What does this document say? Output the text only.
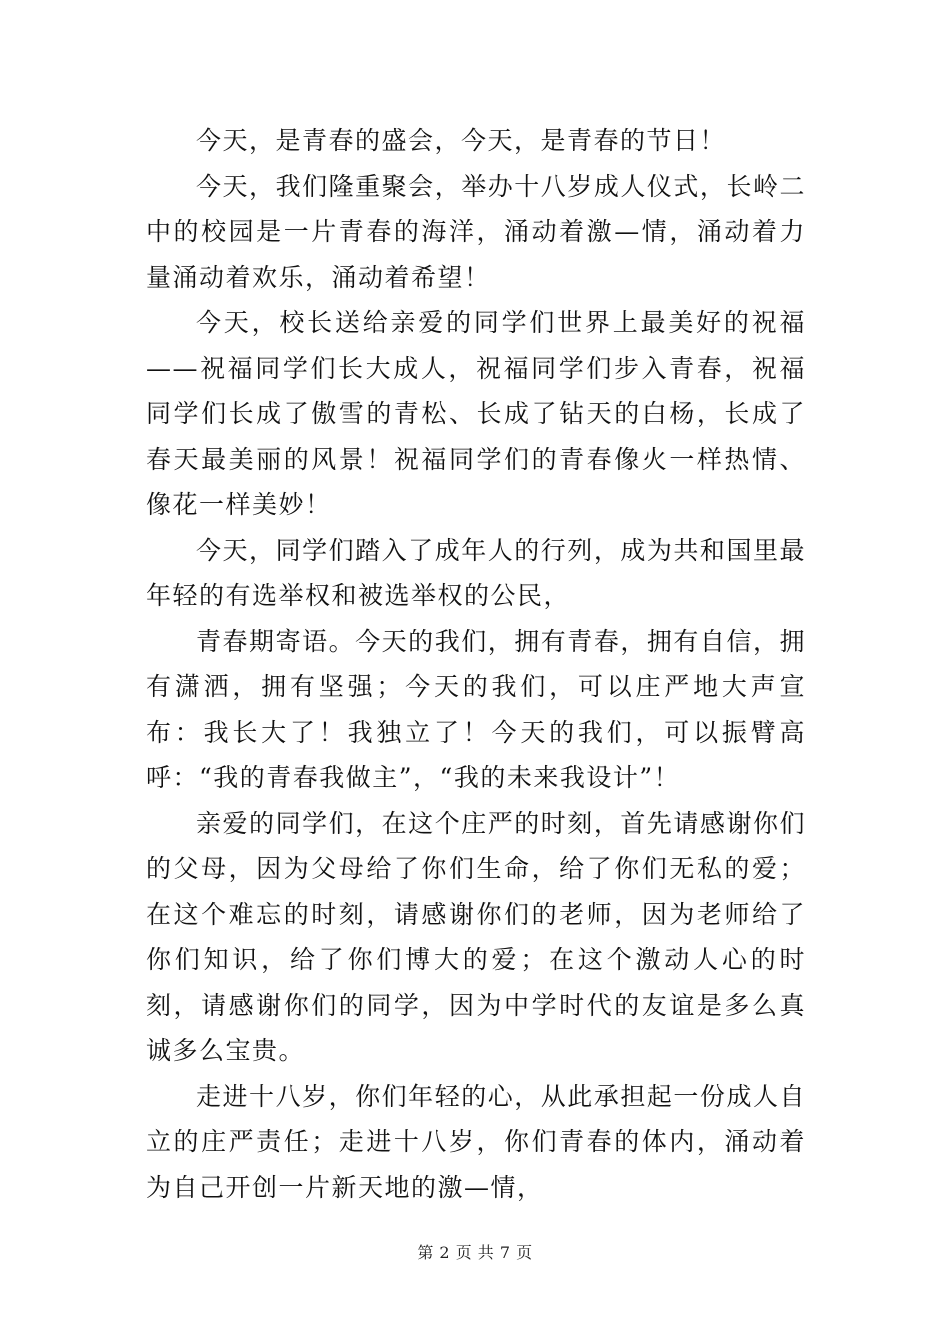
今天，是青春的盛会，今天，是青春的节日！

今天，我们隆重聚会，举办十八岁成人仪式，长岭二中的校园是一片青春的海洋，涌动着激—情，涌动着力量涌动着欢乐，涌动着希望！

今天，校长送给亲爱的同学们世界上最美好的祝福——祝福同学们长大成人，祝福同学们步入青春，祝福同学们长成了傲雪的青松、长成了钻天的白杨，长成了春天最美丽的风景！祝福同学们的青春像火一样热情、像花一样美妙！

今天，同学们踏入了成年人的行列，成为共和国里最年轻的有选举权和被选举权的公民，

青春期寄语。今天的我们，拥有青春，拥有自信，拥有潇洒，拥有坚强；今天的我们，可以庄严地大声宣布：我长大了！我独立了！今天的我们，可以振臂高呼：“我的青春我做主”，“我的未来我设计”！

亲爱的同学们，在这个庄严的时刻，首先请感谢你们的父母，因为父母给了你们生命，给了你们无私的爱；在这个难忘的时刻，请感谢你们的老师，因为老师给了你们知识，给了你们博大的爱；在这个激动人心的时刻，请感谢你们的同学，因为中学时代的友谊是多么真诚多么宝贵。

走进十八岁，你们年轻的心，从此承担起一份成人自立的庄严责任；走进十八岁，你们青春的体内，涌动着为自己开创一片新天地的激—情，

第 2 页 共 7 页
